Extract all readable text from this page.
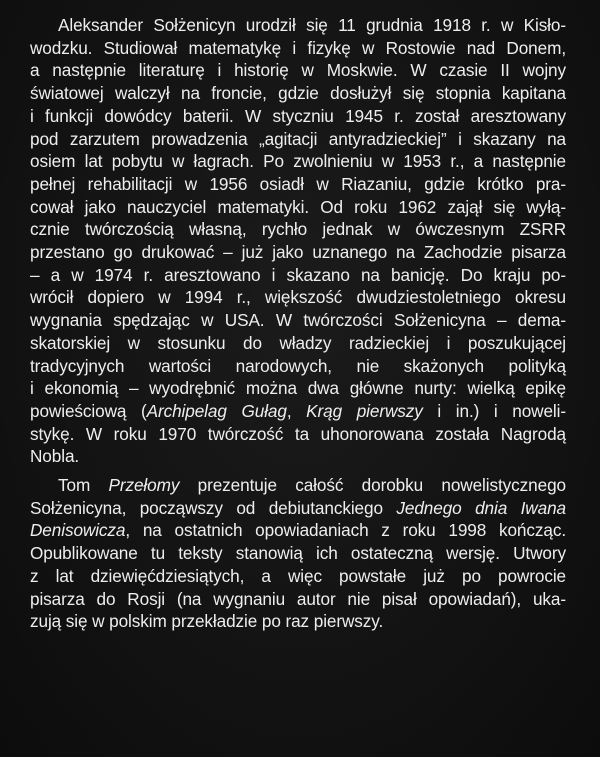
Aleksander Sołżenicyn urodził się 11 grudnia 1918 r. w Kisło-
wodzku. Studiował matematykę i fizykę w Rostowie nad Donem,
a następnie literaturę i historię w Moskwie. W czasie II wojny
światowej walczył na froncie, gdzie dosłużył się stopnia kapitana
i funkcji dowódcy baterii. W styczniu 1945 r. został aresztowany
pod zarzutem prowadzenia „agitacji antyradzieckiej” i skazany na
osiem lat pobytu w łagrach. Po zwolnieniu w 1953 r., a następnie
pełnej rehabilitacji w 1956 osiadł w Riazaniu, gdzie krótko pra-
cował jako nauczyciel matematyki. Od roku 1962 zajął się wyłą-
cznie twórczością własną, rychło jednak w ówczesnym ZSRR
przestano go drukować – już jako uznanego na Zachodzie pisarza
– a w 1974 r. aresztowano i skazano na banicję. Do kraju po-
wrócił dopiero w 1994 r., większość dwudziestoletniego okresu
wygnania spędzając w USA. W twórczości Sołżenicyna – dema-
skatorskiej w stosunku do władzy radzieckiej i poszukującej
tradycyjnych wartości narodowych, nie skażonych polityką
i ekonomią – wyodrębnić można dwa główne nurty: wielką epikę
powieściową (Archipelag Gułag, Krąg pierwszy i in.) i noweli-
stykę. W roku 1970 twórczość ta uhonorowana została Nagrodą
Nobla.
Tom Przełomy prezentuje całość dorobku nowelistycznego
Sołżenicyna, począwszy od debiutanckiego Jednego dnia Iwana
Denisowicza, na ostatnich opowiadaniach z roku 1998 kończąc.
Opublikowane tu teksty stanowią ich ostateczną wersję. Utwory
z lat dziewięćdziesiątych, a więc powstałe już po powrocie
pisarza do Rosji (na wygnaniu autor nie pisał opowiadań), uka-
zują się w polskim przekładzie po raz pierwszy.
